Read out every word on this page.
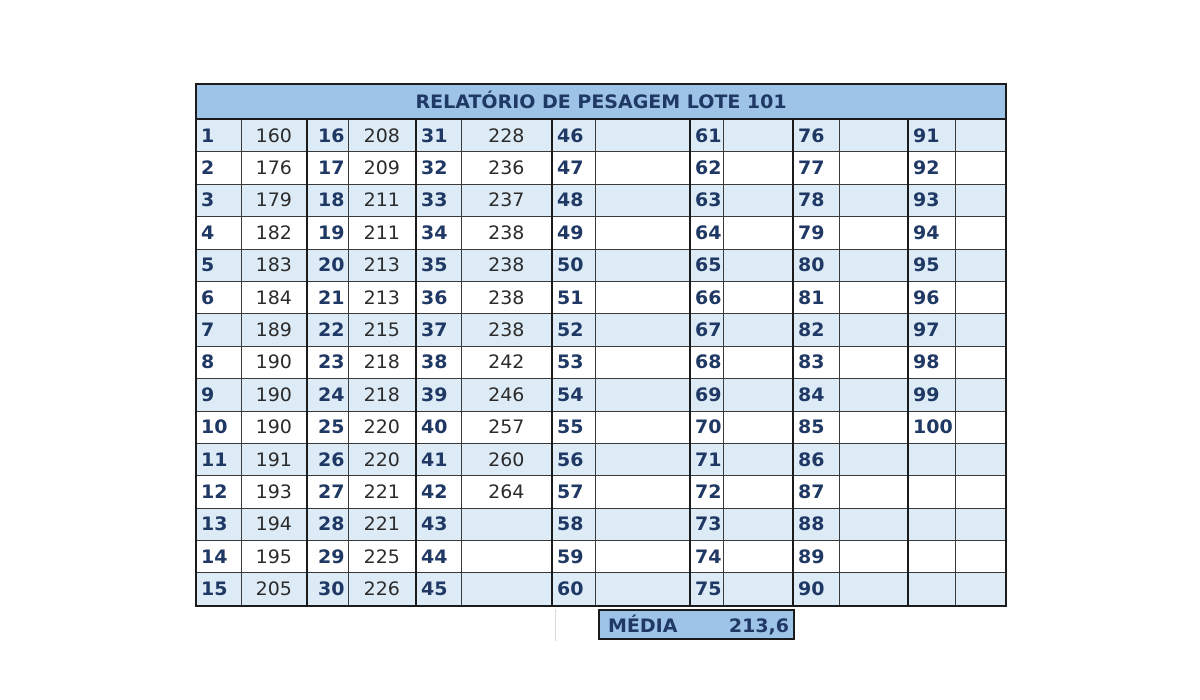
RELATÓRIO DE PESAGEM LOTE 101													
1	160	16	208	31	228	46		61		76		91	
2	176	17	209	32	236	47		62		77		92	
3	179	18	211	33	237	48		63		78		93	
4	182	19	211	34	238	49		64		79		94	
5	183	20	213	35	238	50		65		80		95	
6	184	21	213	36	238	51		66		81		96	
7	189	22	215	37	238	52		67		82		97	
8	190	23	218	38	242	53		68		83		98	
9	190	24	218	39	246	54		69		84		99	
10	190	25	220	40	257	55		70		85		100	
11	191	26	220	41	260	56		71		86			
12	193	27	221	42	264	57		72		87			
13	194	28	221	43		58		73		88			
14	195	29	225	44		59		74		89			
15	205	30	226	45		60		75		90			
MÉDIA	213,6
